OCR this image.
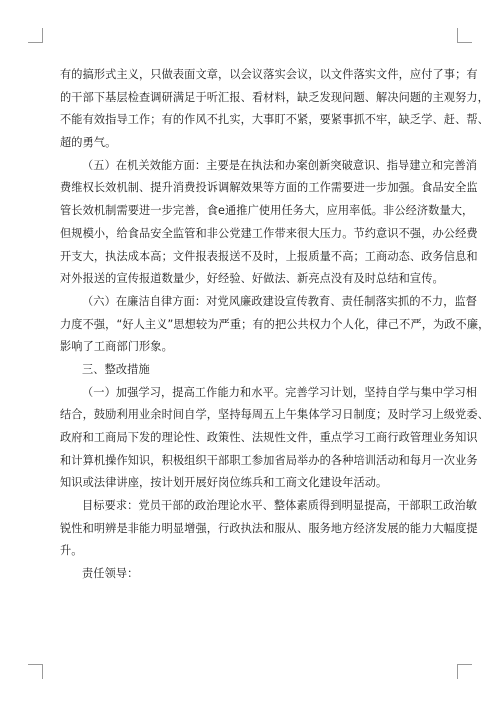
有的搞形式主义，只做表面文章，以会议落实会议，以文件落实文件，应付了事；有
的干部下基层检查调研满足于听汇报、看材料，缺乏发现问题、解决问题的主观努力，
不能有效指导工作；有的作风不扎实，大事盯不紧，要紧事抓不牢，缺乏学、赶、帮、
超的勇气。
（五）在机关效能方面：主要是在执法和办案创新突破意识、指导建立和完善消
费维权长效机制、提升消费投诉调解效果等方面的工作需要进一步加强。食品安全监
管长效机制需要进一步完善，食e通推广使用任务大，应用率低。非公经济数量大，
但规模小，给食品安全监管和非公党建工作带来很大压力。节约意识不强，办公经费
开支大，执法成本高；文件报表报送不及时，上报质量不高；工商动态、政务信息和
对外报送的宣传报道数量少，好经验、好做法、新亮点没有及时总结和宣传。
（六）在廉洁自律方面：对党风廉政建设宣传教育、责任制落实抓的不力，监督
力度不强，“好人主义”思想较为严重；有的把公共权力个人化，律己不严，为政不廉，
影响了工商部门形象。
三、整改措施
（一）加强学习，提高工作能力和水平。完善学习计划，坚持自学与集中学习相
结合，鼓励利用业余时间自学，坚持每周五上午集体学习日制度；及时学习上级党委、
政府和工商局下发的理论性、政策性、法规性文件，重点学习工商行政管理业务知识
和计算机操作知识，积极组织干部职工参加省局举办的各种培训活动和每月一次业务
知识或法律讲座，按计划开展好岗位练兵和工商文化建设年活动。
目标要求：党员干部的政治理论水平、整体素质得到明显提高，干部职工政治敏
锐性和明辨是非能力明显增强，行政执法和服从、服务地方经济发展的能力大幅度提
升。
责任领导：
